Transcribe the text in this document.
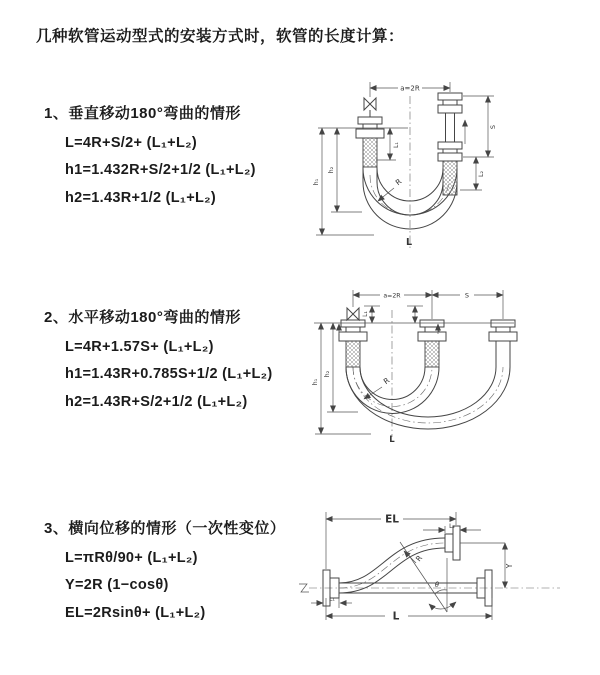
几种软管运动型式的安装方式时，软管的长度计算：
1、垂直移动180°弯曲的情形
L=4R+S/2+ (L₁+L₂)
h1=1.432R+S/2+1/2 (L₁+L₂)
h2=1.43R+1/2 (L₁+L₂)
2、水平移动180°弯曲的情形
L=4R+1.57S+ (L₁+L₂)
h1=1.43R+0.785S+1/2 (L₁+L₂)
h2=1.43R+S/2+1/2 (L₁+L₂)
3、横向位移的情形（一次性变位）
L=πRθ/90+ (L₁+L₂)
Y=2R (1−cosθ)
EL=2Rsinθ+ (L₁+L₂)
a=2R
S
L₂
L₁
h₁
h₂
R
L
a=2R	S
L₁
h₁
h₂
R
L
EL
L₂
Y
R
θ
L₁
L
